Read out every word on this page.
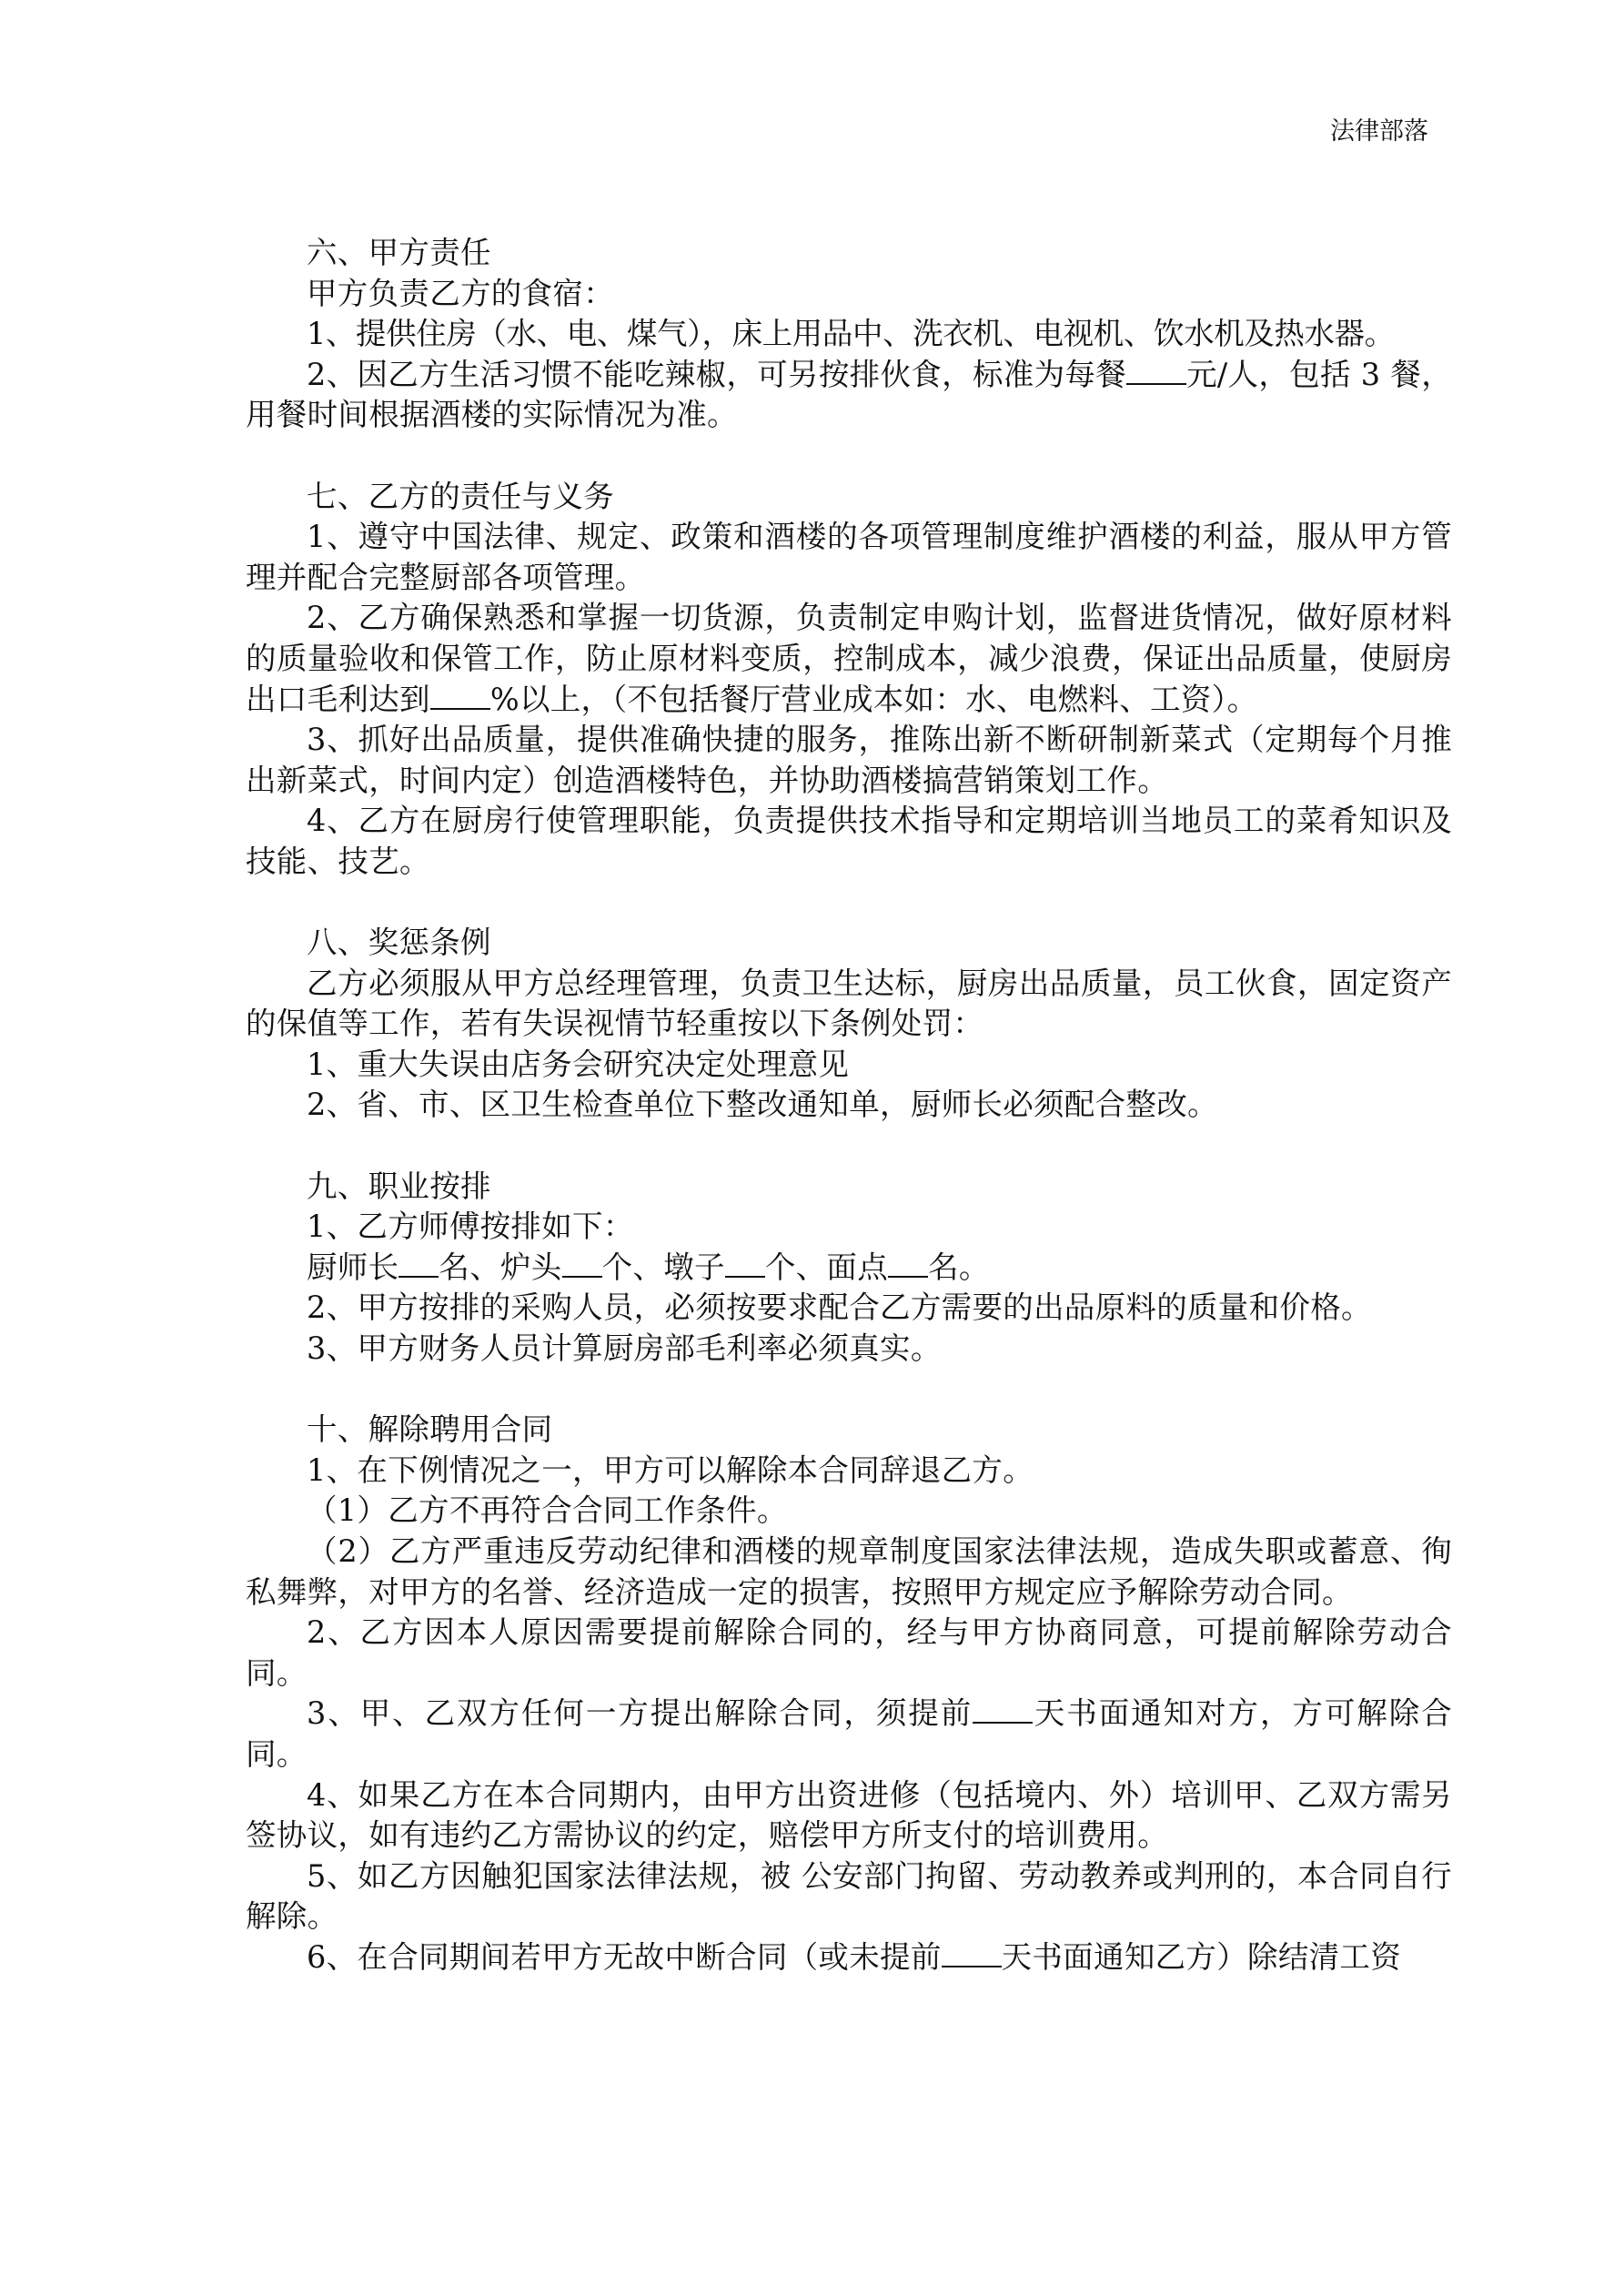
法律部落

六、甲方责任

甲方负责乙方的食宿：

1、提供住房（水、电、煤气），床上用品中、洗衣机、电视机、饮水机及热水器。

2、因乙方生活习惯不能吃辣椒，可另按排伙食，标准为每餐 元/人，包括 3 餐，用餐时间根据酒楼的实际情况为准。

七、乙方的责任与义务

1、遵守中国法律、规定、政策和酒楼的各项管理制度维护酒楼的利益，服从甲方管理并配合完整厨部各项管理。

2、乙方确保熟悉和掌握一切货源，负责制定申购计划，监督进货情况，做好原材料的质量验收和保管工作，防止原材料变质，控制成本，减少浪费，保证出品质量，使厨房出口毛利达到 %以上，（不包括餐厅营业成本如：水、电燃料、工资）。

3、抓好出品质量，提供准确快捷的服务，推陈出新不断研制新菜式（定期每个月推出新菜式，时间内定）创造酒楼特色，并协助酒楼搞营销策划工作。

4、乙方在厨房行使管理职能，负责提供技术指导和定期培训当地员工的菜肴知识及技能、技艺。

八、奖惩条例

乙方必须服从甲方总经理管理，负责卫生达标，厨房出品质量，员工伙食，固定资产的保值等工作，若有失误视情节轻重按以下条例处罚：

1、重大失误由店务会研究决定处理意见

2、省、市、区卫生检查单位下整改通知单，厨师长必须配合整改。

九、职业按排

1、乙方师傅按排如下：

厨师长 名、炉头 个、墩子 个、面点 名。

2、甲方按排的采购人员，必须按要求配合乙方需要的出品原料的质量和价格。

3、甲方财务人员计算厨房部毛利率必须真实。

十、解除聘用合同

1、在下例情况之一，甲方可以解除本合同辞退乙方。

（1）乙方不再符合合同工作条件。

（2）乙方严重违反劳动纪律和酒楼的规章制度国家法律法规，造成失职或蓄意、徇私舞弊，对甲方的名誉、经济造成一定的损害，按照甲方规定应予解除劳动合同。

2、乙方因本人原因需要提前解除合同的，经与甲方协商同意，可提前解除劳动合同。

3、甲、乙双方任何一方提出解除合同，须提前 天书面通知对方，方可解除合同。

4、如果乙方在本合同期内，由甲方出资进修（包括境内、外）培训甲、乙双方需另签协议，如有违约乙方需协议的约定，赔偿甲方所支付的培训费用。

5、如乙方因触犯国家法律法规，被 公安部门拘留、劳动教养或判刑的，本合同自行解除。

6、在合同期间若甲方无故中断合同（或未提前 天书面通知乙方）除结清工资
